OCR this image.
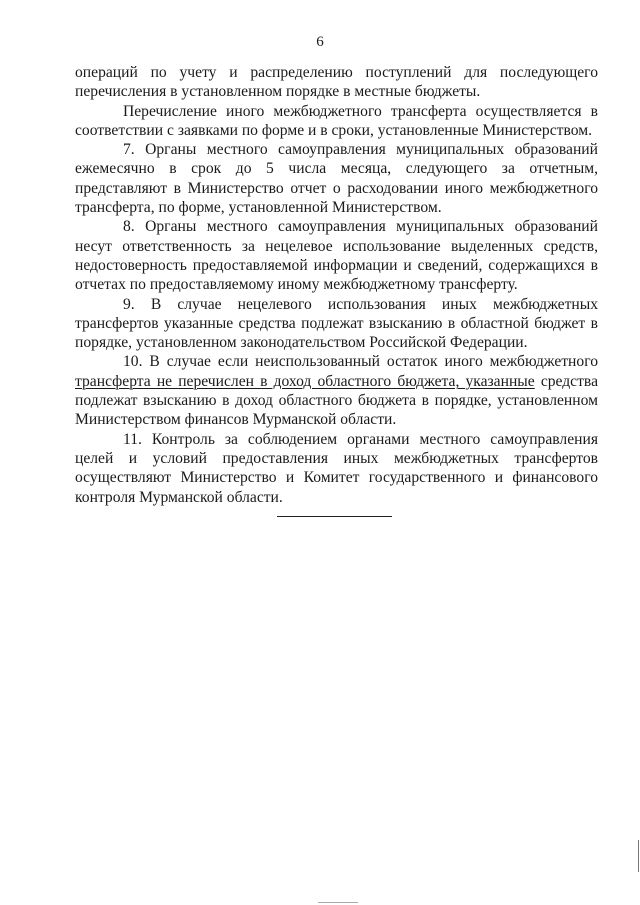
6

операций по учету и распределению поступлений для последующего перечисления в установленном порядке в местные бюджеты.

Перечисление иного межбюджетного трансферта осуществляется в соответствии с заявками по форме и в сроки, установленные Министерством.

7. Органы местного самоуправления муниципальных образований ежемесячно в срок до 5 числа месяца, следующего за отчетным, представляют в Министерство отчет о расходовании иного межбюджетного трансферта, по форме, установленной Министерством.

8. Органы местного самоуправления муниципальных образований несут ответственность за нецелевое использование выделенных средств, недостоверность предоставляемой информации и сведений, содержащихся в отчетах по предоставляемому иному межбюджетному трансферту.

9. В случае нецелевого использования иных межбюджетных трансфертов указанные средства подлежат взысканию в областной бюджет в порядке, установленном законодательством Российской Федерации.

10. В случае если неиспользованный остаток иного межбюджетного трансферта не перечислен в доход областного бюджета, указанные средства подлежат взысканию в доход областного бюджета в порядке, установленном Министерством финансов Мурманской области.

11. Контроль за соблюдением органами местного самоуправления целей и условий предоставления иных межбюджетных трансфертов осуществляют Министерство и Комитет государственного и финансового контроля Мурманской области.
